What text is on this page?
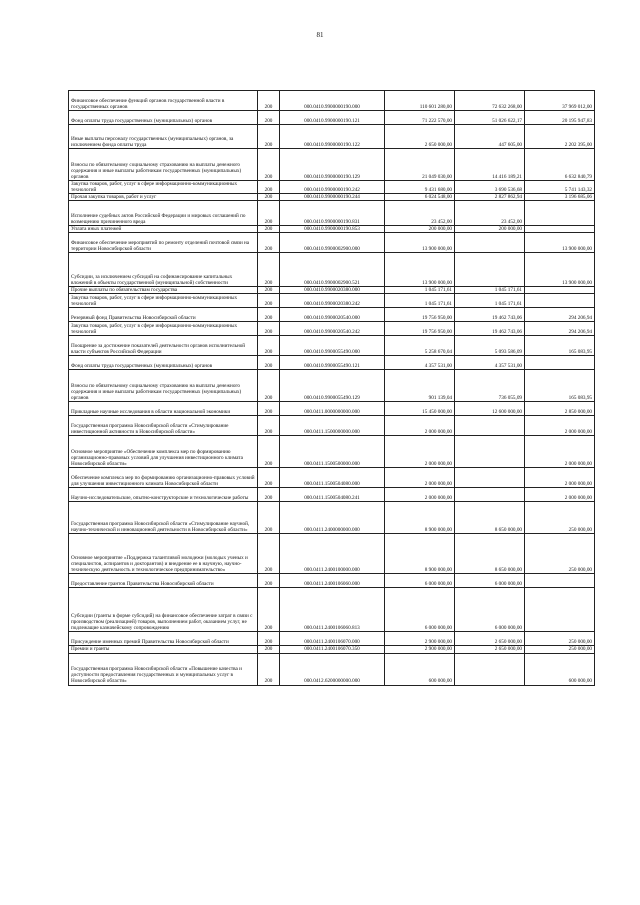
81
Финансовое обеспечение функций органов государственной власти в государственных органов	200	000.0410.9900000190.000	110 601 280,00	72 632 268,00	37 969 012,00
Фонд оплаты труда государственных (муниципальных) органов	200	000.0410.9900000190.121	71 222 570,00	51 026 622,17	20 195 947,83
Иные выплаты персоналу государственных (муниципальных) органов, за исключением фонда оплаты труда	200	000.0410.9900000190.122	2 650 000,00	447 605,00	2 202 395,00
Взносы по обязательному социальному страхованию на выплаты денежного содержания и иные выплаты работникам государственных (муниципальных) органов	200	000.0410.9900000190.129	21 049 030,00	14 416 189,21	6 632 840,79
Закупка товаров, работ, услуг в сфере информационно-коммуникационных технологий	200	000.0410.9900000190.242	9 431 680,00	3 690 536,68	5 741 143,32
Прочая закупка товаров, работ и услуг	200	000.0410.9900000190.244	6 024 548,00	2 827 862,94	3 196 685,06
Исполнение судебных актов Российской Федерации и мировых соглашений по возмещению причиненного вреда	200	000.0410.9900000190.831	23 452,00	23 452,00	
Уплата иных платежей	200	000.0410.9900000190.853	200 000,00	200 000,00	
Финансовое обеспечение мероприятий по ремонту отделений почтовой связи на территории Новосибирской области	200	000.0410.9900002900.000	13 900 000,00		13 900 000,00
Субсидии, за исключением субсидий на софинансирование капитальных вложений в объекты государственной (муниципальной) собственности	200	000.0410.9900002900.521	13 900 000,00		13 900 000,00
Прочие выплаты по обязательствам государства	200	000.0410.9900020380.000	1 045 171,61	1 045 171,61	
Закупка товаров, работ, услуг в сфере информационно-коммуникационных технологий	200	000.0410.9900020380.242	1 045 171,61	1 045 171,61	
Резервный фонд Правительства Новосибирской области	200	000.0410.9900020540.000	19 756 950,00	19 462 743,06	294 206,94
Закупка товаров, работ, услуг в сфере информационно-коммуникационных технологий	200	000.0410.9900020540.242	19 756 950,00	19 462 743,06	294 206,94
Поощрение за достижение показателей деятельности органов исполнительной власти субъектов Российской Федерации	200	000.0410.9900055490.000	5 258 670,04	5 093 586,09	165 083,95
Фонд оплаты труда государственных (муниципальных) органов	200	000.0410.9900055490.121	4 357 531,00	4 357 531,00	
Взносы по обязательному социальному страхованию на выплаты денежного содержания и иные выплаты работникам государственных (муниципальных) органов	200	000.0410.9900055490.129	901 139,04	736 055,09	165 083,95
Прикладные научные исследования в области национальной экономики	200	000.0411.0000000000.000	15 450 000,00	12 600 000,00	2 850 000,00
Государственная программа Новосибирской области «Стимулирование инвестиционной активности в Новосибирской области»	200	000.0411.1500000000.000	2 000 000,00		2 000 000,00
Основное мероприятие «Обеспечение комплекса мер по формированию организационно-правовых условий для улучшения инвестиционного климата Новосибирской области»	200	000.0411.1500500000.000	2 000 000,00		2 000 000,00
Обеспечение комплекса мер по формированию организационно-правовых условий для улучшения инвестиционного климата Новосибирской области	200	000.0411.1500504080.000	2 000 000,00		2 000 000,00
Научно-исследовательские, опытно-конструкторские и технологические работы	200	000.0411.1500504080.241	2 000 000,00		2 000 000,00
Государственная программа Новосибирской области «Стимулирование научной, научно-технической и инновационной деятельности в Новосибирской области»	200	000.0411.2400000000.000	8 900 000,00	8 650 000,00	250 000,00
Основное мероприятие «Поддержка талантливой молодежи (молодых ученых и специалистов, аспирантов и докторантов) и внедрение ее в научную, научно-техническую деятельность и технологическое предпринимательство»	200	000.0411.2400100000.000	8 900 000,00	8 650 000,00	250 000,00
Предоставление грантов Правительства Новосибирской области	200	000.0411.2400106060.000	6 000 000,00	6 000 000,00	
Субсидии (гранты в форме субсидий) на финансовое обеспечение затрат в связи с производством (реализацией) товаров, выполнением работ, оказанием услуг, не подлежащие казначейскому сопровождению	200	000.0411.2400106060.813	6 000 000,00	6 000 000,00	
Присуждение именных премий Правительства Новосибирской области	200	000.0411.2400106070.000	2 900 000,00	2 650 000,00	250 000,00
Премии и гранты	200	000.0411.2400106070.350	2 900 000,00	2 650 000,00	250 000,00
Государственная программа Новосибирской области «Повышение качества и доступности предоставления государственных и муниципальных услуг в Новосибирской области»	200	000.0412.6200000000.000	600 000,00		600 000,00
